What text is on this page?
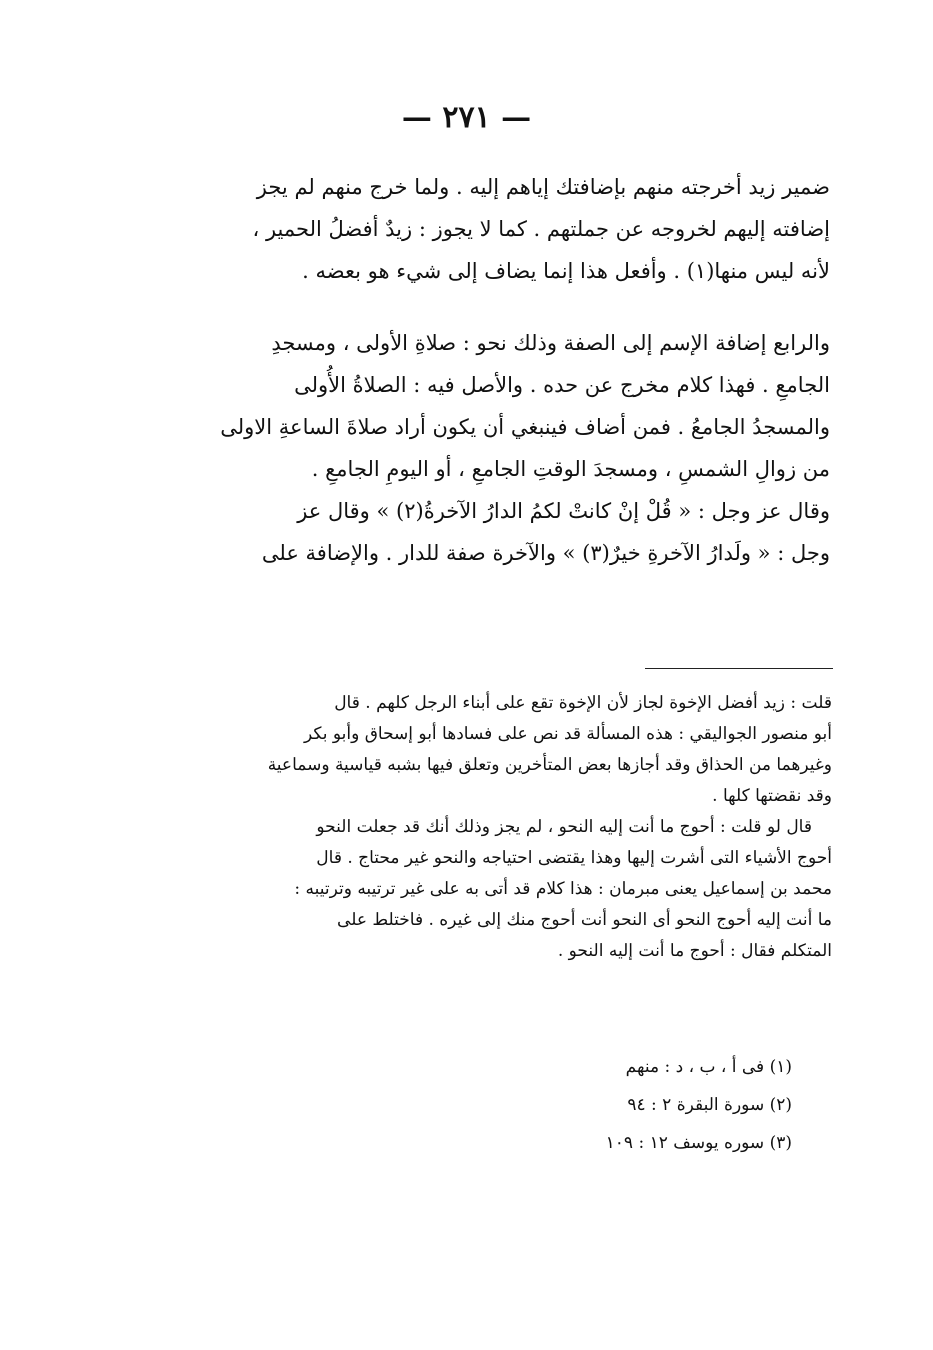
— ٢٧١ —
ضمير زيد أخرجته منهم بإضافتك إياهم إليه . ولما خرج منهم لم يجز
إضافته إليهم لخروجه عن جملتهم . كما لا يجوز : زيدٌ أفضلُ الحمير ،
لأنه ليس منها(١) . وأفعل هذا إنما يضاف إلى شيء هو بعضه .
والرابع إضافة الإسم إلى الصفة وذلك نحو : صلاةِ الأولى ، ومسجدِ
الجامعِ . فهذا كلام مخرج عن حده . والأصل فيه : الصلاةُ الأُولى
والمسجدُ الجامعُ . فمن أضاف فينبغي أن يكون أراد صلاةَ الساعةِ الاولى
من زوالِ الشمسِ ، ومسجدَ الوقتِ الجامعِ ، أو اليومِ الجامعِ .
وقال عز وجل : « قُلْ إنْ كانتْ لكمُ الدارُ الآخرةُ(٢) » وقال عز
وجل : « ولَدارُ الآخرةِ خيرٌ(٣) » والآخرة صفة للدار . والإضافة على
قلت : زيد أفضل الإخوة لجاز لأن الإخوة تقع على أبناء الرجل كلهم . قال
أبو منصور الجواليقي : هذه المسألة قد نص على فسادها أبو إسحاق وأبو بكر
وغيرهما من الحذاق وقد أجازها بعض المتأخرين وتعلق فيها بشبه قياسية وسماعية
وقد نقضتها كلها .
قال لو قلت : أحوج ما أنت إليه النحو ، لم يجز وذلك أنك قد جعلت النحو
أحوج الأشياء التى أشرت إليها وهذا يقتضى احتياجه والنحو غير محتاج . قال
محمد بن إسماعيل يعنى مبرمان : هذا كلام قد أتى به على غير ترتيبه وترتيبه :
ما أنت إليه أحوج النحو أى النحو أنت أحوج منك إلى غيره . فاختلط على
المتكلم فقال : أحوج ما أنت إليه النحو .
(١) فى أ ، ب ، د : منهم
(٢) سورة البقرة ٢ : ٩٤
(٣) سوره يوسف ١٢ : ١٠٩
